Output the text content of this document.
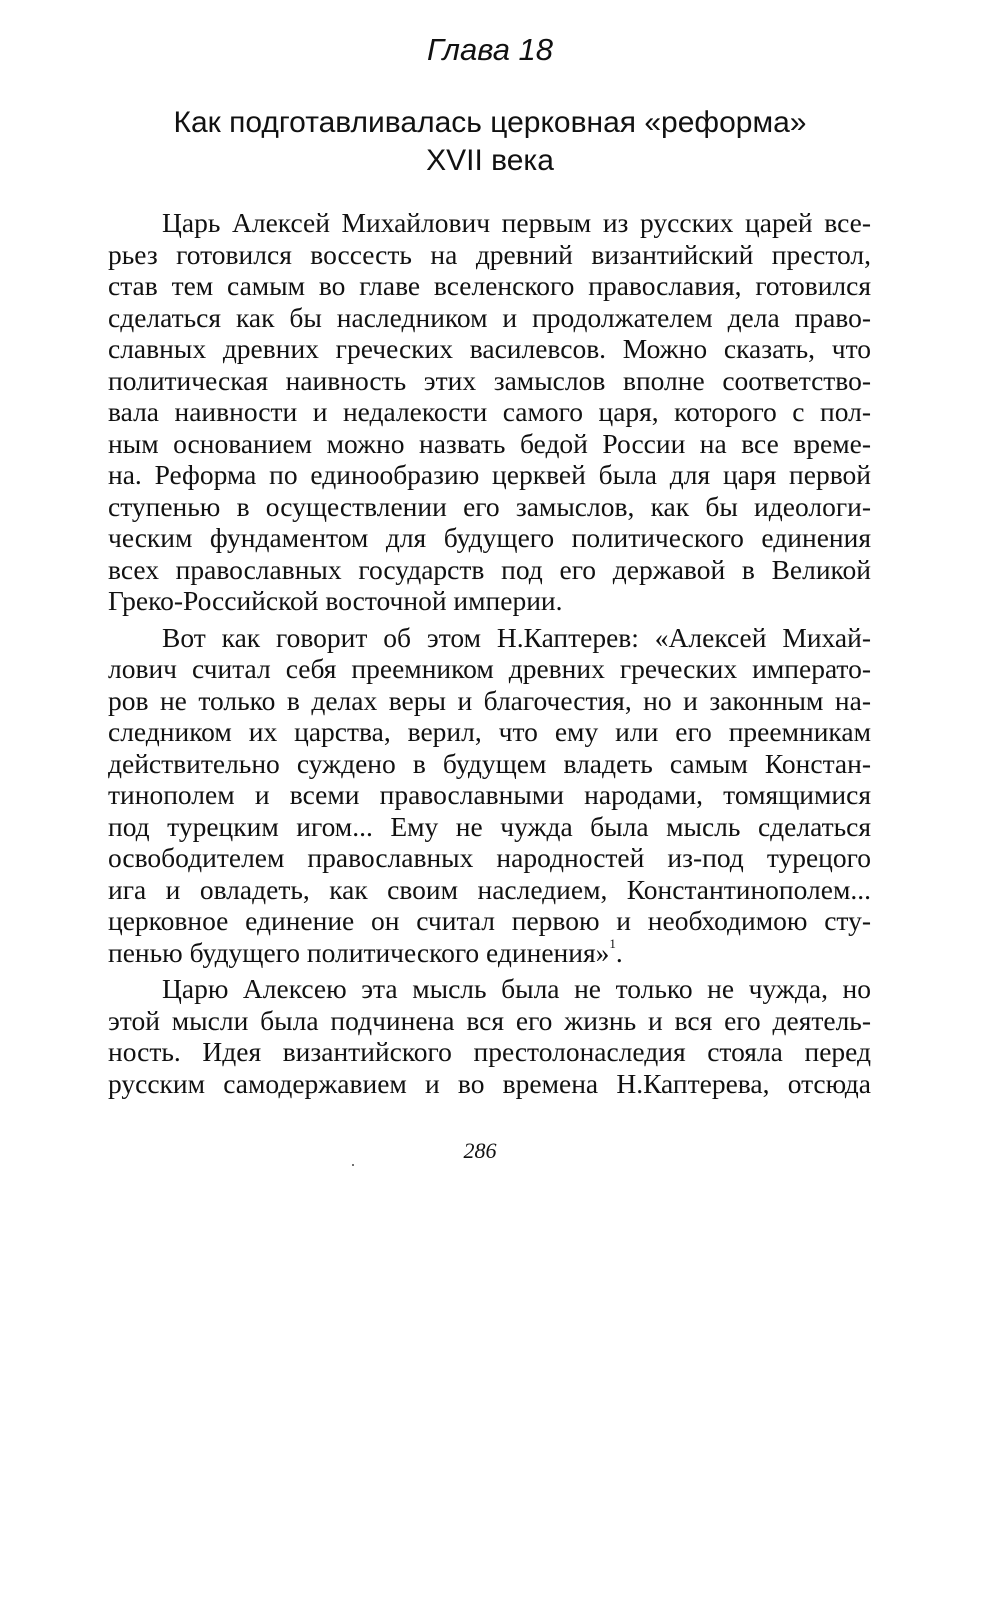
Глава 18
Как подготавливалась церковная «реформа»
XVII века
Царь Алексей Михайлович первым из русских царей все-
рьез готовился воссесть на древний византийский престол,
став тем самым во главе вселенского православия, готовился
сделаться как бы наследником и продолжателем дела право-
славных древних греческих василевсов. Можно сказать, что
политическая наивность этих замыслов вполне соответство-
вала наивности и недалекости самого царя, которого с пол-
ным основанием можно назвать бедой России на все време-
на. Реформа по единообразию церквей была для царя первой
ступенью в осуществлении его замыслов, как бы идеологи-
ческим фундаментом для будущего политического единения
всех православных государств под его державой в Великой
Греко-Российской восточной империи.
Вот как говорит об этом Н.Каптерев: «Алексей Михай-
лович считал себя преемником древних греческих императо-
ров не только в делах веры и благочестия, но и законным на-
следником их царства, верил, что ему или его преемникам
действительно суждено в будущем владеть самым Констан-
тинополем и всеми православными народами, томящимися
под турецким игом... Ему не чужда была мысль сделаться
освободителем православных народностей из-под турецого
ига и овладеть, как своим наследием, Константинополем...
церковное единение он считал первою и необходимою сту-
пенью будущего политического единения»$^1$.
Царю Алексею эта мысль была не только не чужда, но
этой мысли была подчинена вся его жизнь и вся его деятель-
ность. Идея византийского престолонаследия стояла перед
русским самодержавием и во времена Н.Каптерева, отсюда
286
